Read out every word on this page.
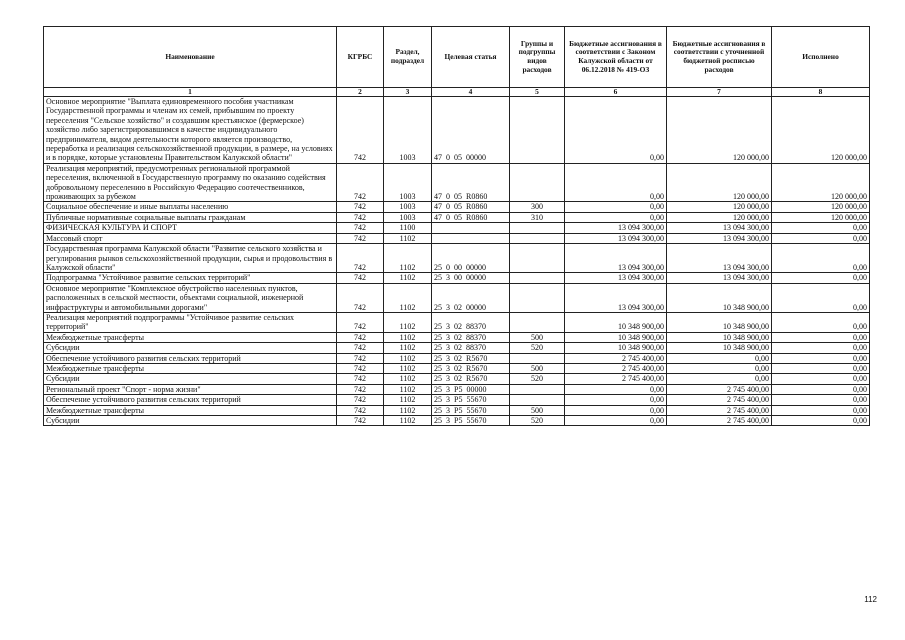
Наименование	КГРБС	Раздел, подраздел	Целевая статья	Группы и подгруппы видов расходов	Бюджетные ассигнования в соответствии с Законом Калужской области от 06.12.2018 № 419-ОЗ	Бюджетные ассигнования в соответствии с уточненной бюджетной росписью расходов	Исполнено
1	2	3	4	5	6	7	8
Основное мероприятие "Выплата единовременного пособия участникам Государственной программы и членам их семей, прибывшим по проекту переселения "Сельское хозяйство" и создавшим крестьянское (фермерское) хозяйство либо зарегистрировавшимся в качестве индивидуального предпринимателя, видом деятельности которого является производство, переработка и реализация сельскохозяйственной продукции, в размере, на условиях и в порядке, которые установлены Правительством Калужской области"	742	1003	47 0 05 00000		0,00	120 000,00	120 000,00
Реализация мероприятий, предусмотренных региональной программой переселения, включенной в Государственную программу по оказанию содействия добровольному переселению в Российскую Федерацию соотечественников, проживающих за рубежом	742	1003	47 0 05 R0860		0,00	120 000,00	120 000,00
Социальное обеспечение и иные выплаты населению	742	1003	47 0 05 R0860	300	0,00	120 000,00	120 000,00
Публичные нормативные социальные выплаты гражданам	742	1003	47 0 05 R0860	310	0,00	120 000,00	120 000,00
ФИЗИЧЕСКАЯ КУЛЬТУРА И СПОРТ	742	1100			13 094 300,00	13 094 300,00	0,00
Массовый спорт	742	1102			13 094 300,00	13 094 300,00	0,00
Государственная программа Калужской области "Развитие сельского хозяйства и регулирования рынков сельскохозяйственной продукции, сырья и продовольствия в Калужской области"	742	1102	25 0 00 00000		13 094 300,00	13 094 300,00	0,00
Подпрограмма "Устойчивое развитие сельских территорий"	742	1102	25 3 00 00000		13 094 300,00	13 094 300,00	0,00
Основное мероприятие "Комплексное обустройство населенных пунктов, расположенных в сельской местности, объектами социальной, инженерной инфраструктуры и автомобильными дорогами"	742	1102	25 3 02 00000		13 094 300,00	10 348 900,00	0,00
Реализация мероприятий подпрограммы "Устойчивое развитие сельских территорий"	742	1102	25 3 02 88370		10 348 900,00	10 348 900,00	0,00
Межбюджетные трансферты	742	1102	25 3 02 88370	500	10 348 900,00	10 348 900,00	0,00
Субсидии	742	1102	25 3 02 88370	520	10 348 900,00	10 348 900,00	0,00
Обеспечение устойчивого развития сельских территорий	742	1102	25 3 02 R5670		2 745 400,00	0,00	0,00
Межбюджетные трансферты	742	1102	25 3 02 R5670	500	2 745 400,00	0,00	0,00
Субсидии	742	1102	25 3 02 R5670	520	2 745 400,00	0,00	0,00
Региональный проект "Спорт - норма жизни"	742	1102	25 3 P5 00000		0,00	2 745 400,00	0,00
Обеспечение устойчивого развития сельских территорий	742	1102	25 3 P5 55670		0,00	2 745 400,00	0,00
Межбюджетные трансферты	742	1102	25 3 P5 55670	500	0,00	2 745 400,00	0,00
Субсидии	742	1102	25 3 P5 55670	520	0,00	2 745 400,00	0,00
112
